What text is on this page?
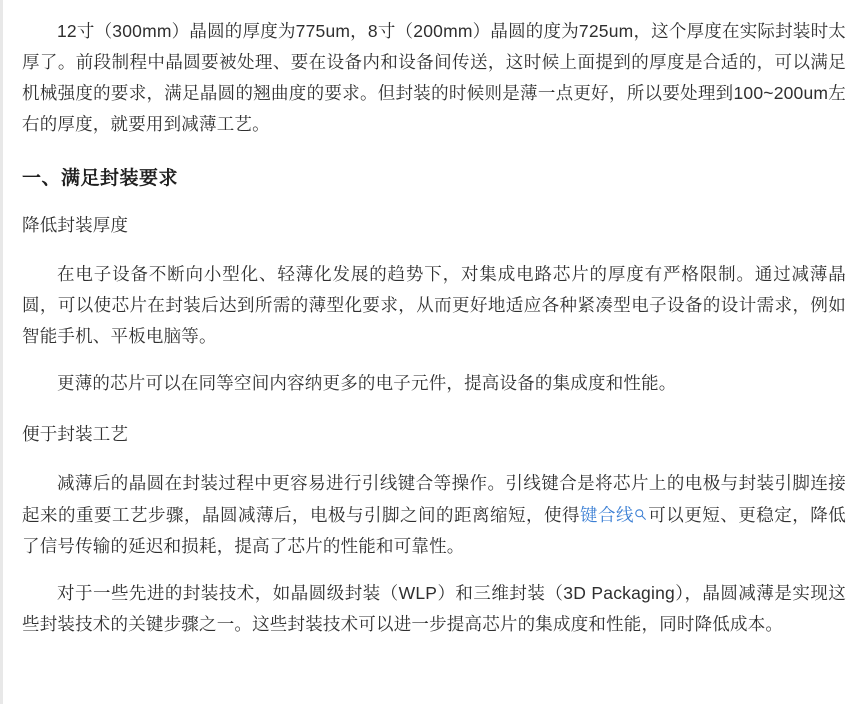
12寸（300mm）晶圆的厚度为775um，8寸（200mm）晶圆的度为725um，这个厚度在实际封装时太厚了。前段制程中晶圆要被处理、要在设备内和设备间传送，这时候上面提到的厚度是合适的，可以满足机械强度的要求，满足晶圆的翘曲度的要求。但封装的时候则是薄一点更好，所以要处理到100~200um左右的厚度，就要用到减薄工艺。

一、满足封装要求

降低封装厚度

在电子设备不断向小型化、轻薄化发展的趋势下，对集成电路芯片的厚度有严格限制。通过减薄晶圆，可以使芯片在封装后达到所需的薄型化要求，从而更好地适应各种紧凑型电子设备的设计需求，例如智能手机、平板电脑等。

更薄的芯片可以在同等空间内容纳更多的电子元件，提高设备的集成度和性能。

便于封装工艺

减薄后的晶圆在封装过程中更容易进行引线键合等操作。引线键合是将芯片上的电极与封装引脚连接起来的重要工艺步骤，晶圆减薄后，电极与引脚之间的距离缩短，使得键合线 可以更短、更稳定，降低了信号传输的延迟和损耗，提高了芯片的性能和可靠性。

对于一些先进的封装技术，如晶圆级封装（WLP）和三维封装（3D Packaging），晶圆减薄是实现这些封装技术的关键步骤之一。这些封装技术可以进一步提高芯片的集成度和性能，同时降低成本。
